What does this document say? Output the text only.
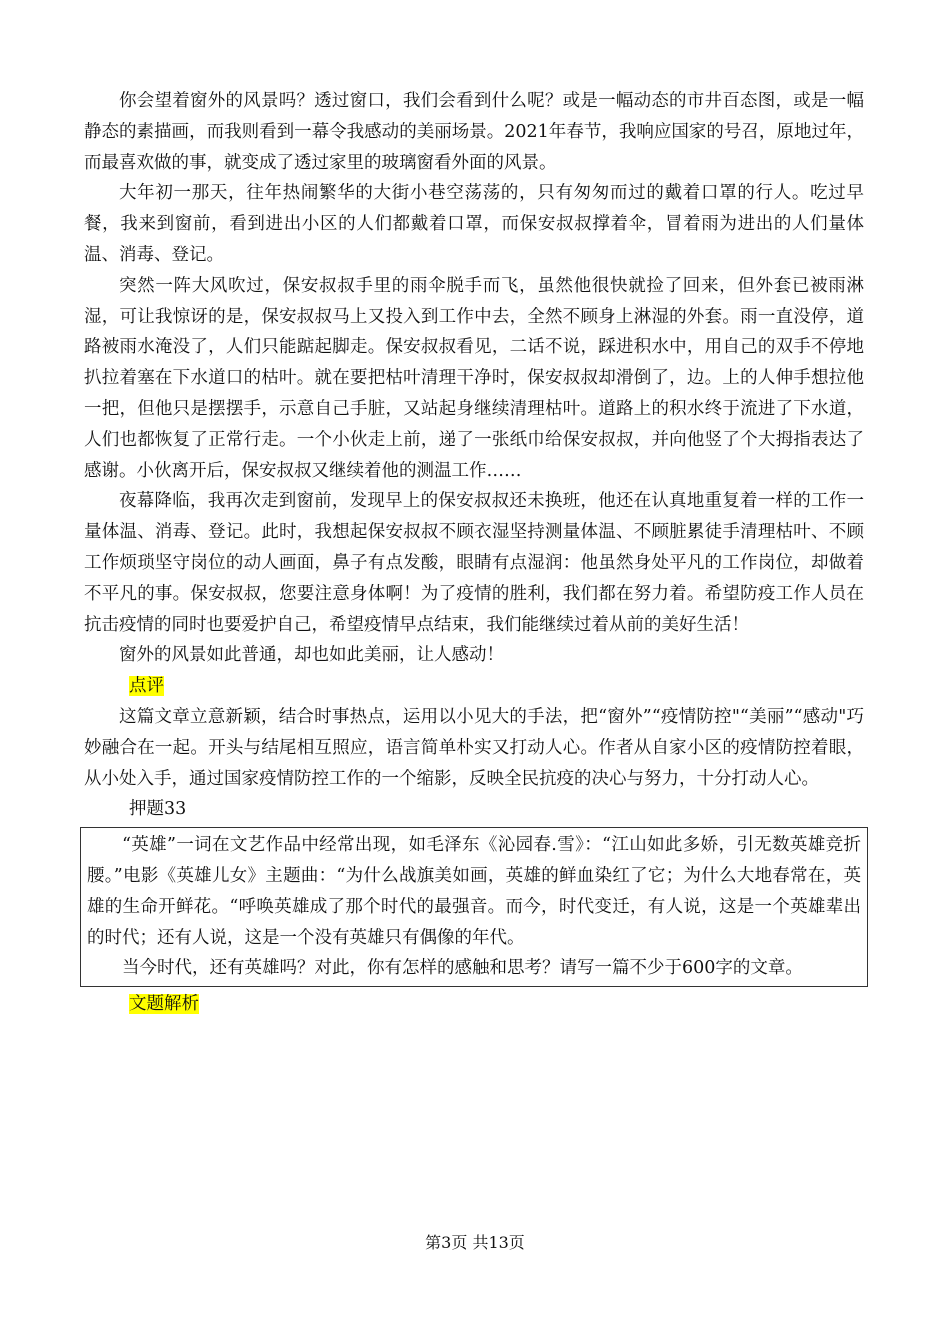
你会望着窗外的风景吗？透过窗口，我们会看到什么呢？或是一幅动态的市井百态图，或是一幅静态的素描画，而我则看到一幕令我感动的美丽场景。2021年春节，我响应国家的号召，原地过年，而最喜欢做的事，就变成了透过家里的玻璃窗看外面的风景。

大年初一那天，往年热闹繁华的大街小巷空荡荡的，只有匆匆而过的戴着口罩的行人。吃过早餐，我来到窗前，看到进出小区的人们都戴着口罩，而保安叔叔撑着伞，冒着雨为进出的人们量体温、消毒、登记。

突然一阵大风吹过，保安叔叔手里的雨伞脱手而飞，虽然他很快就捡了回来，但外套已被雨淋湿，可让我惊讶的是，保安叔叔马上又投入到工作中去，全然不顾身上淋湿的外套。雨一直没停，道路被雨水淹没了，人们只能踮起脚走。保安叔叔看见，二话不说，踩进积水中，用自己的双手不停地扒拉着塞在下水道口的枯叶。就在要把枯叶清理干净时，保安叔叔却滑倒了，边。上的人伸手想拉他一把，但他只是摆摆手，示意自己手脏，又站起身继续清理枯叶。道路上的积水终于流进了下水道，人们也都恢复了正常行走。一个小伙走上前，递了一张纸巾给保安叔叔，并向他竖了个大拇指表达了感谢。小伙离开后，保安叔叔又继续着他的测温工作……

夜幕降临，我再次走到窗前，发现早上的保安叔叔还未换班，他还在认真地重复着一样的工作一量体温、消毒、登记。此时，我想起保安叔叔不顾衣湿坚持测量体温、不顾脏累徒手清理枯叶、不顾工作烦琐坚守岗位的动人画面，鼻子有点发酸，眼睛有点湿润：他虽然身处平凡的工作岗位，却做着不平凡的事。保安叔叔，您要注意身体啊！为了疫情的胜利，我们都在努力着。希望防疫工作人员在抗击疫情的同时也要爱护自己，希望疫情早点结束，我们能继续过着从前的美好生活！

窗外的风景如此普通，却也如此美丽，让人感动！

点评

这篇文章立意新颖，结合时事热点，运用以小见大的手法，把“窗外”“疫情防控"“美丽”“感动"巧妙融合在一起。开头与结尾相互照应，语言简单朴实又打动人心。作者从自家小区的疫情防控着眼，从小处入手，通过国家疫情防控工作的一个缩影，反映全民抗疫的决心与努力，十分打动人心。

押题33

“英雄”一词在文艺作品中经常出现，如毛泽东《沁园春.雪》：“江山如此多娇，引无数英雄竞折腰。”电影《英雄儿女》主题曲：“为什么战旗美如画，英雄的鲜血染红了它；为什么大地春常在，英雄的生命开鲜花。“呼唤英雄成了那个时代的最强音。而今，时代变迁，有人说，这是一个英雄辈出的时代；还有人说，这是一个没有英雄只有偶像的年代。

当今时代，还有英雄吗？对此，你有怎样的感触和思考？请写一篇不少于600字的文章。

文题解析

第3页 共13页
